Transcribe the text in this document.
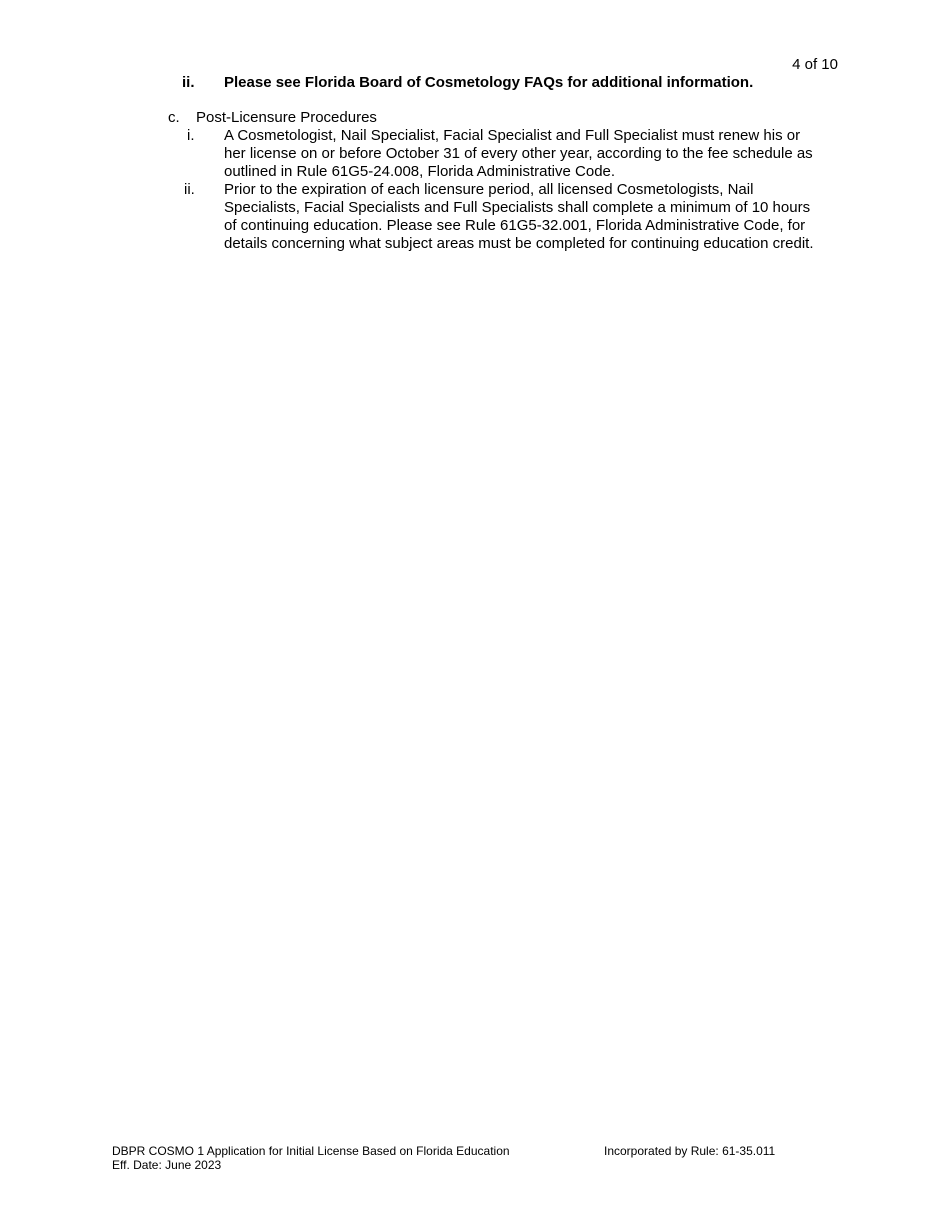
4 of 10
ii. Please see Florida Board of Cosmetology FAQs for additional information.
c. Post-Licensure Procedures
i. A Cosmetologist, Nail Specialist, Facial Specialist and Full Specialist must renew his or
her license on or before October 31 of every other year, according to the fee schedule as
outlined in Rule 61G5-24.008, Florida Administrative Code.
ii. Prior to the expiration of each licensure period, all licensed Cosmetologists, Nail
Specialists, Facial Specialists and Full Specialists shall complete a minimum of 10 hours
of continuing education. Please see Rule 61G5-32.001, Florida Administrative Code, for
details concerning what subject areas must be completed for continuing education credit.
DBPR COSMO 1 Application for Initial License Based on Florida Education
Eff. Date: June 2023
Incorporated by Rule: 61-35.011
